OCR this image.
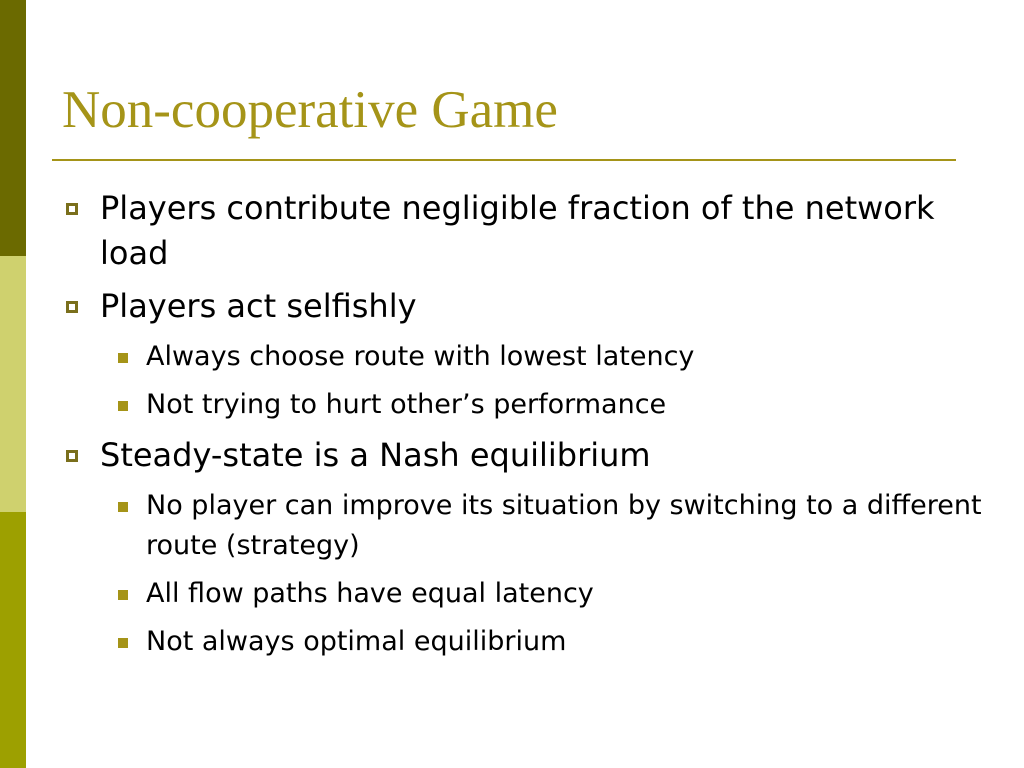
Non-cooperative Game
Players contribute negligible fraction of the network load
Players act selfishly
Always choose route with lowest latency
Not trying to hurt other’s performance
Steady-state is a Nash equilibrium
No player can improve its situation by switching to a different route (strategy)
All flow paths have equal latency
Not always optimal equilibrium
